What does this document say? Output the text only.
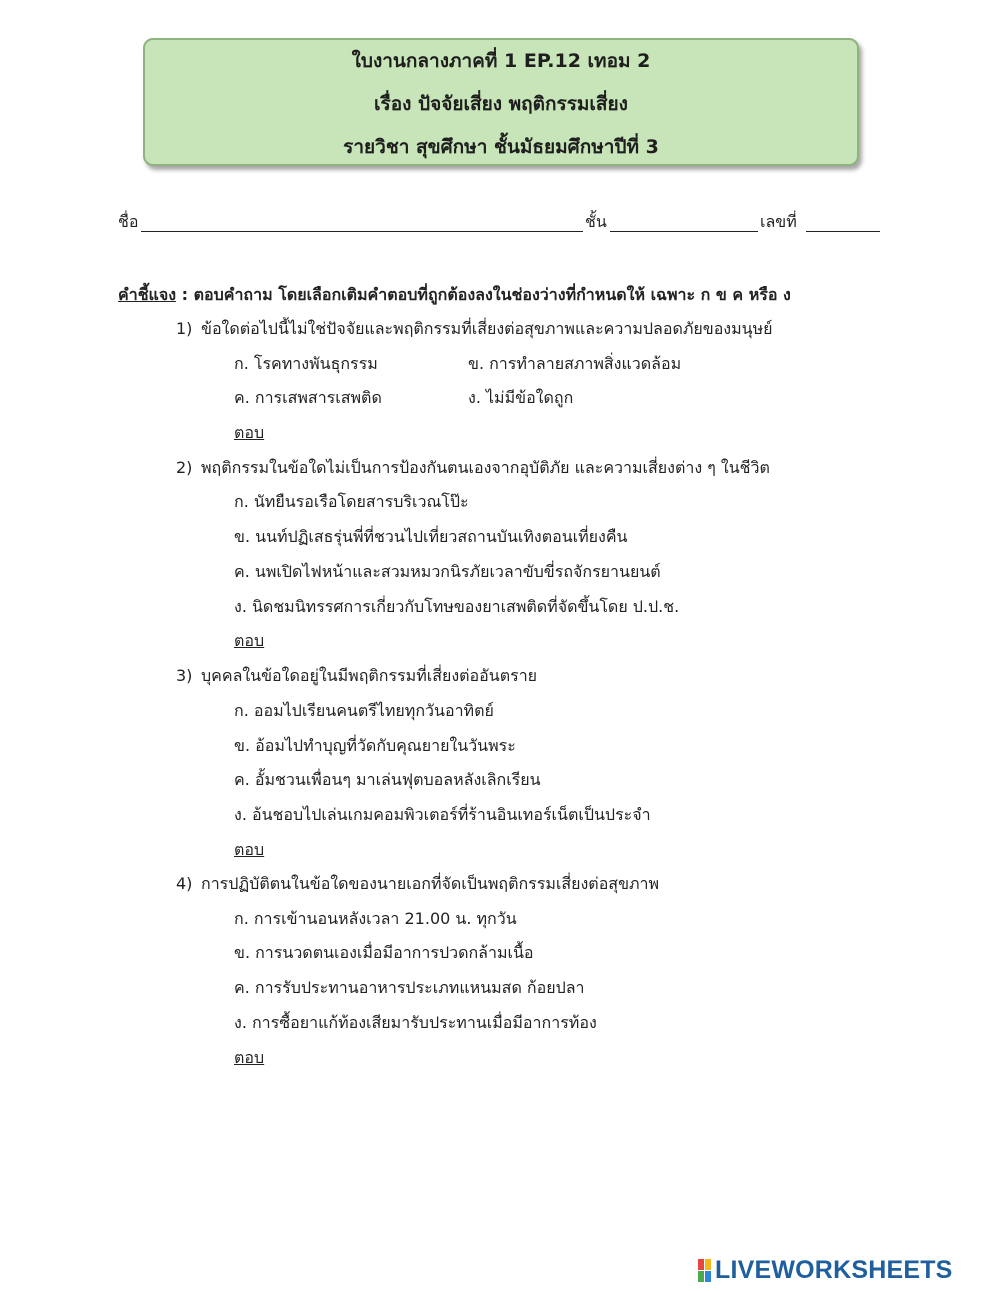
ใบงานกลางภาคที่ 1 EP.12 เทอม 2
เรื่อง ปัจจัยเสี่ยง พฤติกรรมเสี่ยง
รายวิชา สุขศึกษา ชั้นมัธยมศึกษาปีที่ 3
ชื่อ	ชั้น	เลขที่
คำชี้แจง : ตอบคำถาม โดยเลือกเติมคำตอบที่ถูกต้องลงในช่องว่างที่กำหนดให้ เฉพาะ ก ข ค หรือ ง
1) ข้อใดต่อไปนี้ไม่ใช่ปัจจัยและพฤติกรรมที่เสี่ยงต่อสุขภาพและความปลอดภัยของมนุษย์
ก. โรคทางพันธุกรรม	ข. การทำลายสภาพสิ่งแวดล้อม
ค. การเสพสารเสพติด	ง. ไม่มีข้อใดถูก
ตอบ
2) พฤติกรรมในข้อใดไม่เป็นการป้องกันตนเองจากอุบัติภัย และความเสี่ยงต่าง ๆ ในชีวิต
ก. นัทยืนรอเรือโดยสารบริเวณโป๊ะ
ข. นนท์ปฏิเสธรุ่นพี่ที่ชวนไปเที่ยวสถานบันเทิงตอนเที่ยงคืน
ค. นพเปิดไฟหน้าและสวมหมวกนิรภัยเวลาขับขี่รถจักรยานยนต์
ง. นิดชมนิทรรศการเกี่ยวกับโทษของยาเสพติดที่จัดขึ้นโดย ป.ป.ช.
ตอบ
3) บุคคลในข้อใดอยู่ในมีพฤติกรรมที่เสี่ยงต่ออันตราย
ก. ออมไปเรียนคนตรีไทยทุกวันอาทิตย์
ข. อ้อมไปทำบุญที่วัดกับคุณยายในวันพระ
ค. อั้มชวนเพื่อนๆ มาเล่นฟุตบอลหลังเลิกเรียน
ง. อ้นชอบไปเล่นเกมคอมพิวเตอร์ที่ร้านอินเทอร์เน็ตเป็นประจำ
ตอบ
4) การปฏิบัติตนในข้อใดของนายเอกที่จัดเป็นพฤติกรรมเสี่ยงต่อสุขภาพ
ก. การเข้านอนหลังเวลา 21.00 น. ทุกวัน
ข. การนวดตนเองเมื่อมีอาการปวดกล้ามเนื้อ
ค. การรับประทานอาหารประเภทแหนมสด ก้อยปลา
ง. การซื้อยาแก้ท้องเสียมารับประทานเมื่อมีอาการท้อง
ตอบ
LIVEWORKSHEETS
